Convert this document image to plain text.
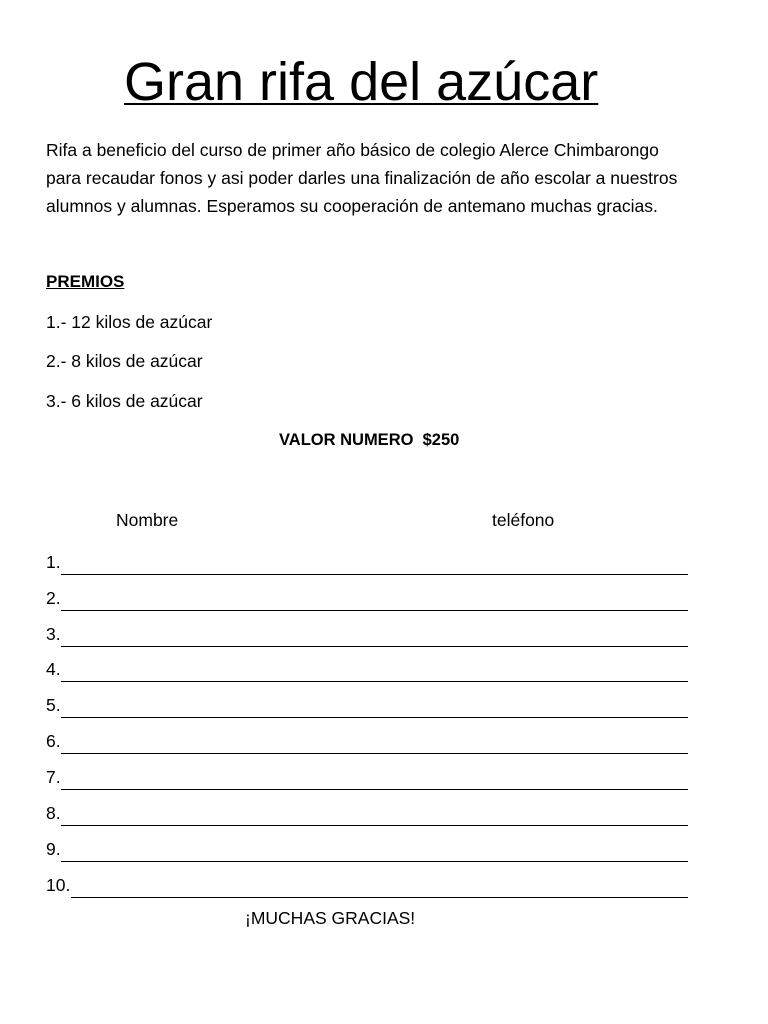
Gran rifa del azúcar

Rifa a beneficio del curso de primer año básico de colegio Alerce Chimbarongo
para recaudar fonos y asi poder darles una finalización de año escolar a nuestros
alumnos y alumnas. Esperamos su cooperación de antemano muchas gracias.

PREMIOS

1.- 12 kilos de azúcar

2.- 8 kilos de azúcar

3.- 6 kilos de azúcar

VALOR NUMERO  $250

Nombre	teléfono
1.
2.
3.
4.
5.
6.
7.
8.
9.
10.

¡MUCHAS GRACIAS!
